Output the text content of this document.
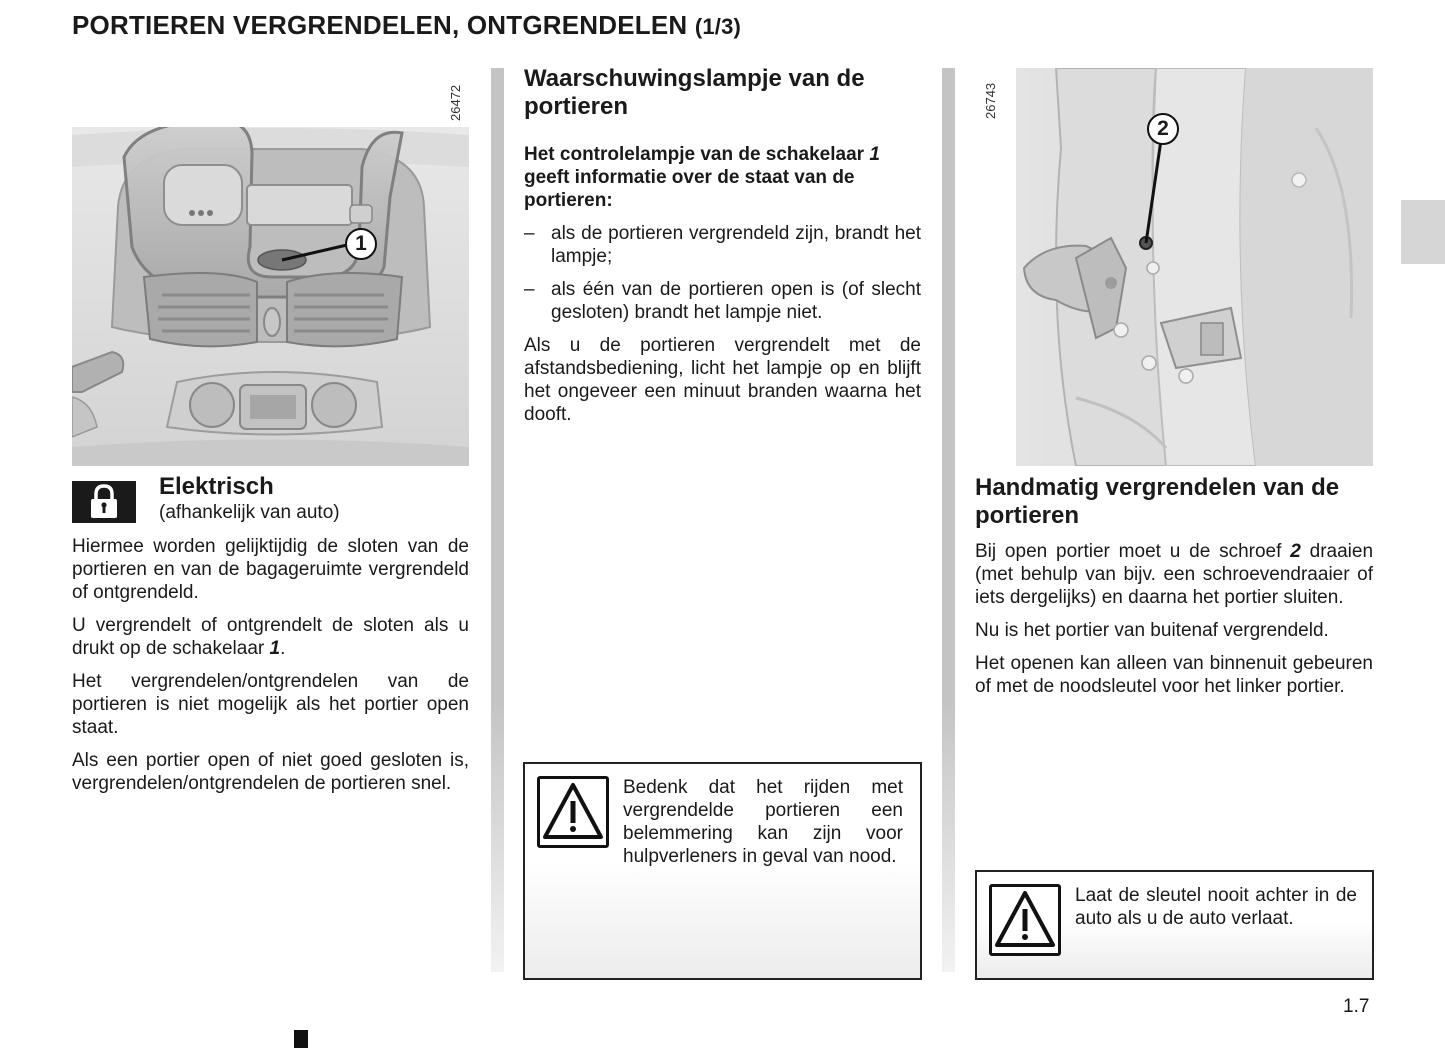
PORTIEREN VERGRENDELEN, ONTGRENDELEN (1/3)
26472
1
Elektrisch
(afhankelijk van auto)

Hiermee worden gelijktijdig de sloten van de portieren en van de bagageruimte vergrendeld of ontgrendeld.

U vergrendelt of ontgrendelt de sloten als u drukt op de schakelaar 1.

Het vergrendelen/ontgrendelen van de portieren is niet mogelijk als het portier open staat.

Als een portier open of niet goed gesloten is, vergrendelen/ontgrendelen de portieren snel.

Waarschuwingslampje van de portieren

Het controlelampje van de schakelaar 1 geeft informatie over de staat van de portieren:

– als de portieren vergrendeld zijn, brandt het lampje;
– als één van de portieren open is (of slecht gesloten) brandt het lampje niet.

Als u de portieren vergrendelt met de afstandsbediening, licht het lampje op en blijft het ongeveer een minuut branden waarna het dooft.

Bedenk dat het rijden met vergrendelde portieren een belemmering kan zijn voor hulpverleners in geval van nood.
26743
2
Handmatig vergrendelen van de portieren

Bij open portier moet u de schroef 2 draaien (met behulp van bijv. een schroevendraaier of iets dergelijks) en daarna het portier sluiten.

Nu is het portier van buitenaf vergrendeld.

Het openen kan alleen van binnenuit gebeuren of met de noodsleutel voor het linker portier.

Laat de sleutel nooit achter in de auto als u de auto verlaat.
1.7
